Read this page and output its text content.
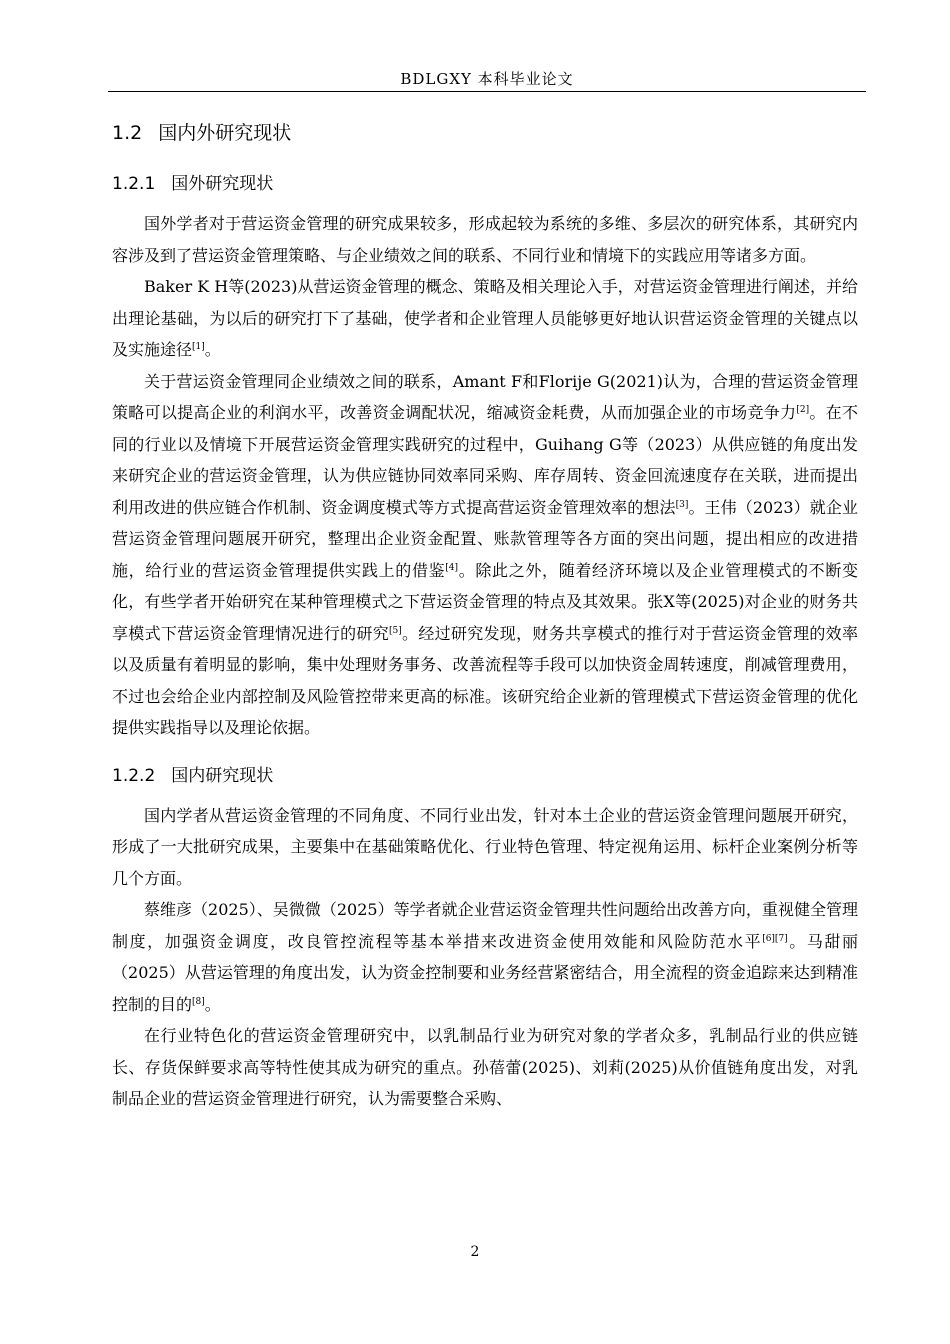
BDLGXY 本科毕业论文
1.2 国内外研究现状
1.2.1 国外研究现状

国外学者对于营运资金管理的研究成果较多，形成起较为系统的多维、多层次的研究体系，其研究内容涉及到了营运资金管理策略、与企业绩效之间的联系、不同行业和情境下的实践应用等诸多方面。

Baker K H等(2023)从营运资金管理的概念、策略及相关理论入手，对营运资金管理进行阐述，并给出理论基础，为以后的研究打下了基础，使学者和企业管理人员能够更好地认识营运资金管理的关键点以及实施途径[1]。

关于营运资金管理同企业绩效之间的联系，Amant F和Florije G(2021)认为，合理的营运资金管理策略可以提高企业的利润水平，改善资金调配状况，缩减资金耗费，从而加强企业的市场竞争力[2]。在不同的行业以及情境下开展营运资金管理实践研究的过程中，Guihang G等（2023）从供应链的角度出发来研究企业的营运资金管理，认为供应链协同效率同采购、库存周转、资金回流速度存在关联，进而提出利用改进的供应链合作机制、资金调度模式等方式提高营运资金管理效率的想法[3]。王伟（2023）就企业营运资金管理问题展开研究，整理出企业资金配置、账款管理等各方面的突出问题，提出相应的改进措施，给行业的营运资金管理提供实践上的借鉴[4]。除此之外，随着经济环境以及企业管理模式的不断变化，有些学者开始研究在某种管理模式之下营运资金管理的特点及其效果。张X等(2025)对企业的财务共享模式下营运资金管理情况进行的研究[5]。经过研究发现，财务共享模式的推行对于营运资金管理的效率以及质量有着明显的影响，集中处理财务事务、改善流程等手段可以加快资金周转速度，削减管理费用，不过也会给企业内部控制及风险管控带来更高的标准。该研究给企业新的管理模式下营运资金管理的优化提供实践指导以及理论依据。

1.2.2 国内研究现状

国内学者从营运资金管理的不同角度、不同行业出发，针对本土企业的营运资金管理问题展开研究，形成了一大批研究成果，主要集中在基础策略优化、行业特色管理、特定视角运用、标杆企业案例分析等几个方面。

蔡维彦（2025）、吴微微（2025）等学者就企业营运资金管理共性问题给出改善方向，重视健全管理制度，加强资金调度，改良管控流程等基本举措来改进资金使用效能和风险防范水平[6][7]。马甜丽（2025）从营运管理的角度出发，认为资金控制要和业务经营紧密结合，用全流程的资金追踪来达到精准控制的目的[8]。

在行业特色化的营运资金管理研究中，以乳制品行业为研究对象的学者众多，乳制品行业的供应链长、存货保鲜要求高等特性使其成为研究的重点。孙蓓蕾(2025)、刘莉(2025)从价值链角度出发，对乳制品企业的营运资金管理进行研究，认为需要整合采购、

2
